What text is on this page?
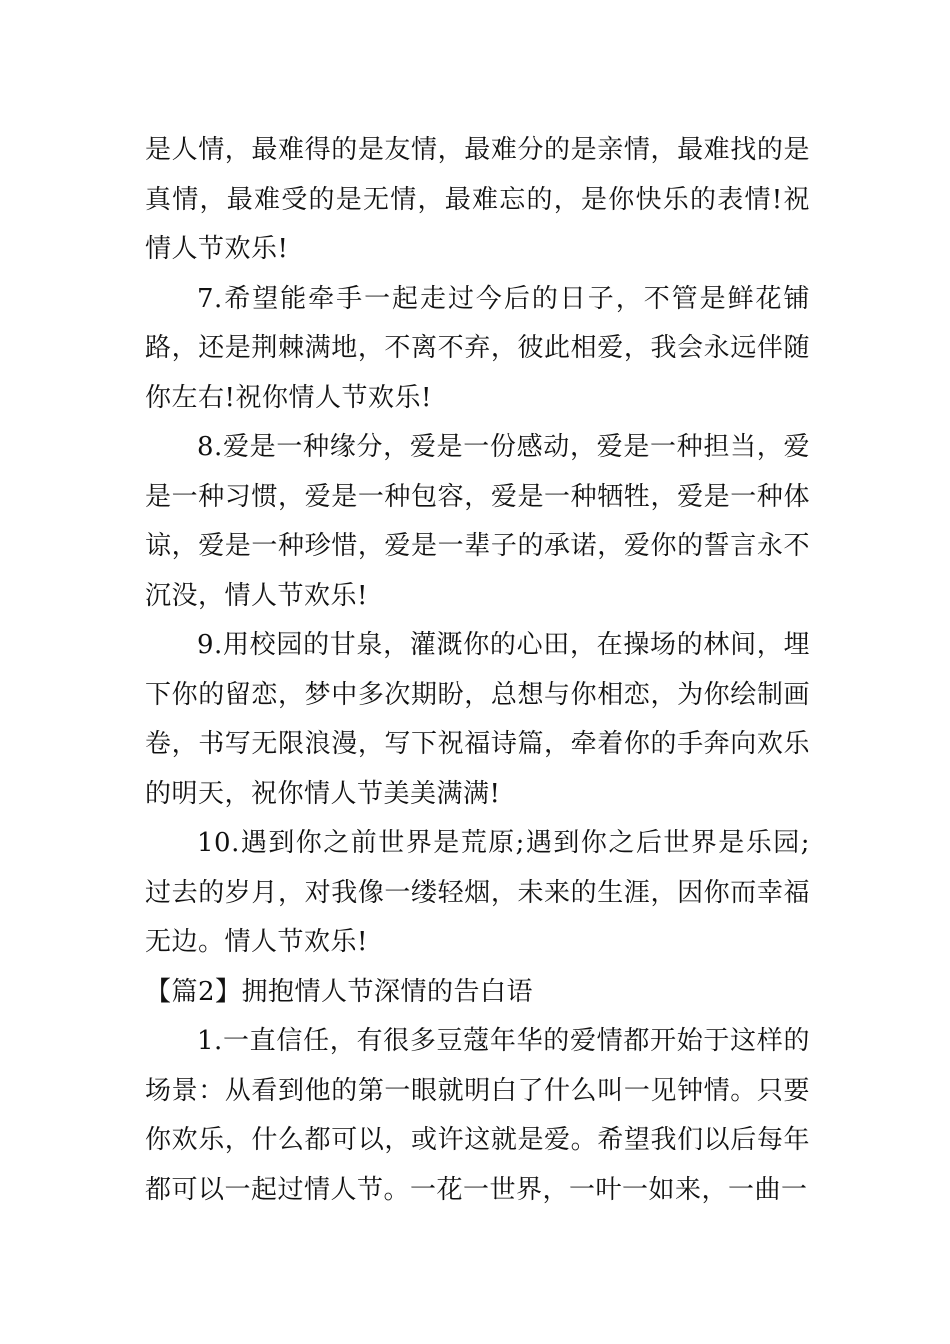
是人情，最难得的是友情，最难分的是亲情，最难找的是真情，最难受的是无情，最难忘的，是你快乐的表情!祝情人节欢乐!

7.希望能牵手一起走过今后的日子，不管是鲜花铺路，还是荆棘满地，不离不弃，彼此相爱，我会永远伴随你左右!祝你情人节欢乐!

8.爱是一种缘分，爱是一份感动，爱是一种担当，爱是一种习惯，爱是一种包容，爱是一种牺牲，爱是一种体谅，爱是一种珍惜，爱是一辈子的承诺，爱你的誓言永不沉没，情人节欢乐!

9.用校园的甘泉，灌溉你的心田，在操场的林间，埋下你的留恋，梦中多次期盼，总想与你相恋，为你绘制画卷，书写无限浪漫，写下祝福诗篇，牵着你的手奔向欢乐的明天，祝你情人节美美满满!

10.遇到你之前世界是荒原;遇到你之后世界是乐园;过去的岁月，对我像一缕轻烟，未来的生涯，因你而幸福无边。情人节欢乐!

【篇2】拥抱情人节深情的告白语

1.一直信任，有很多豆蔻年华的爱情都开始于这样的场景：从看到他的第一眼就明白了什么叫一见钟情。只要你欢乐，什么都可以，或许这就是爱。希望我们以后每年都可以一起过情人节。一花一世界，一叶一如来，一曲一
